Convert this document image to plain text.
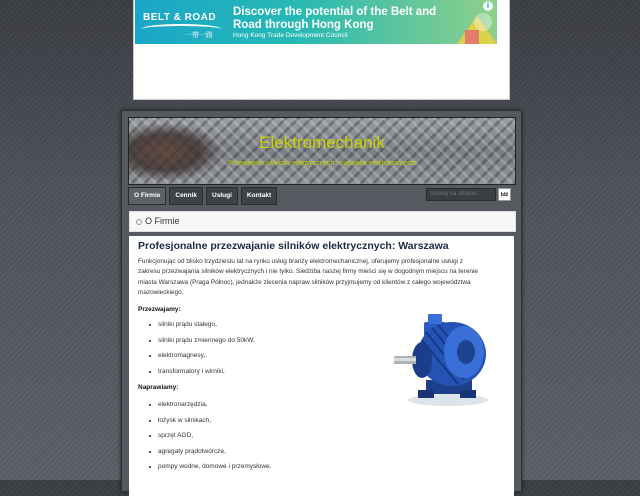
BELT & ROAD
一帶一路
Discover the potential of the Belt and Road through Hong Kong
Hong Kong Trade Development Council
i
Elektromechanik
Przewijanie silników elektrycznych i naprawa elektronarzędzi
O Firmie	Cennik	Usługi	Kontakt
Szukaj na stronie...	Idź
O Firmie
Profesjonalne przezwajanie silników elektrycznych: Warszawa
Funkcjonując od blisko trzydziestu lat na rynku usług branży elektromechanicznej, oferujemy profesjonalne usługi z zakresu przezwajania silników elektrycznych i nie tylko. Siedziba naszej firmy mieści się w dogodnym miejscu na terenie miasta Warszawa (Praga Północ), jednakże zlecenia napraw silników przyjmujemy od klientów z całego województwa mazowieckiego.
Przezwajamy:
silniki prądu stałego,
silniki prądu zmiennego do 50kW,
elektromagnesy,.
transformatory i wirniki,
Naprawiamy:
elektronarzędzia,
łożysk w silnikach,
sprzęt AGD,
agregaty prądotwórcze,
pompy wodne, domowe i przemysłowe.
